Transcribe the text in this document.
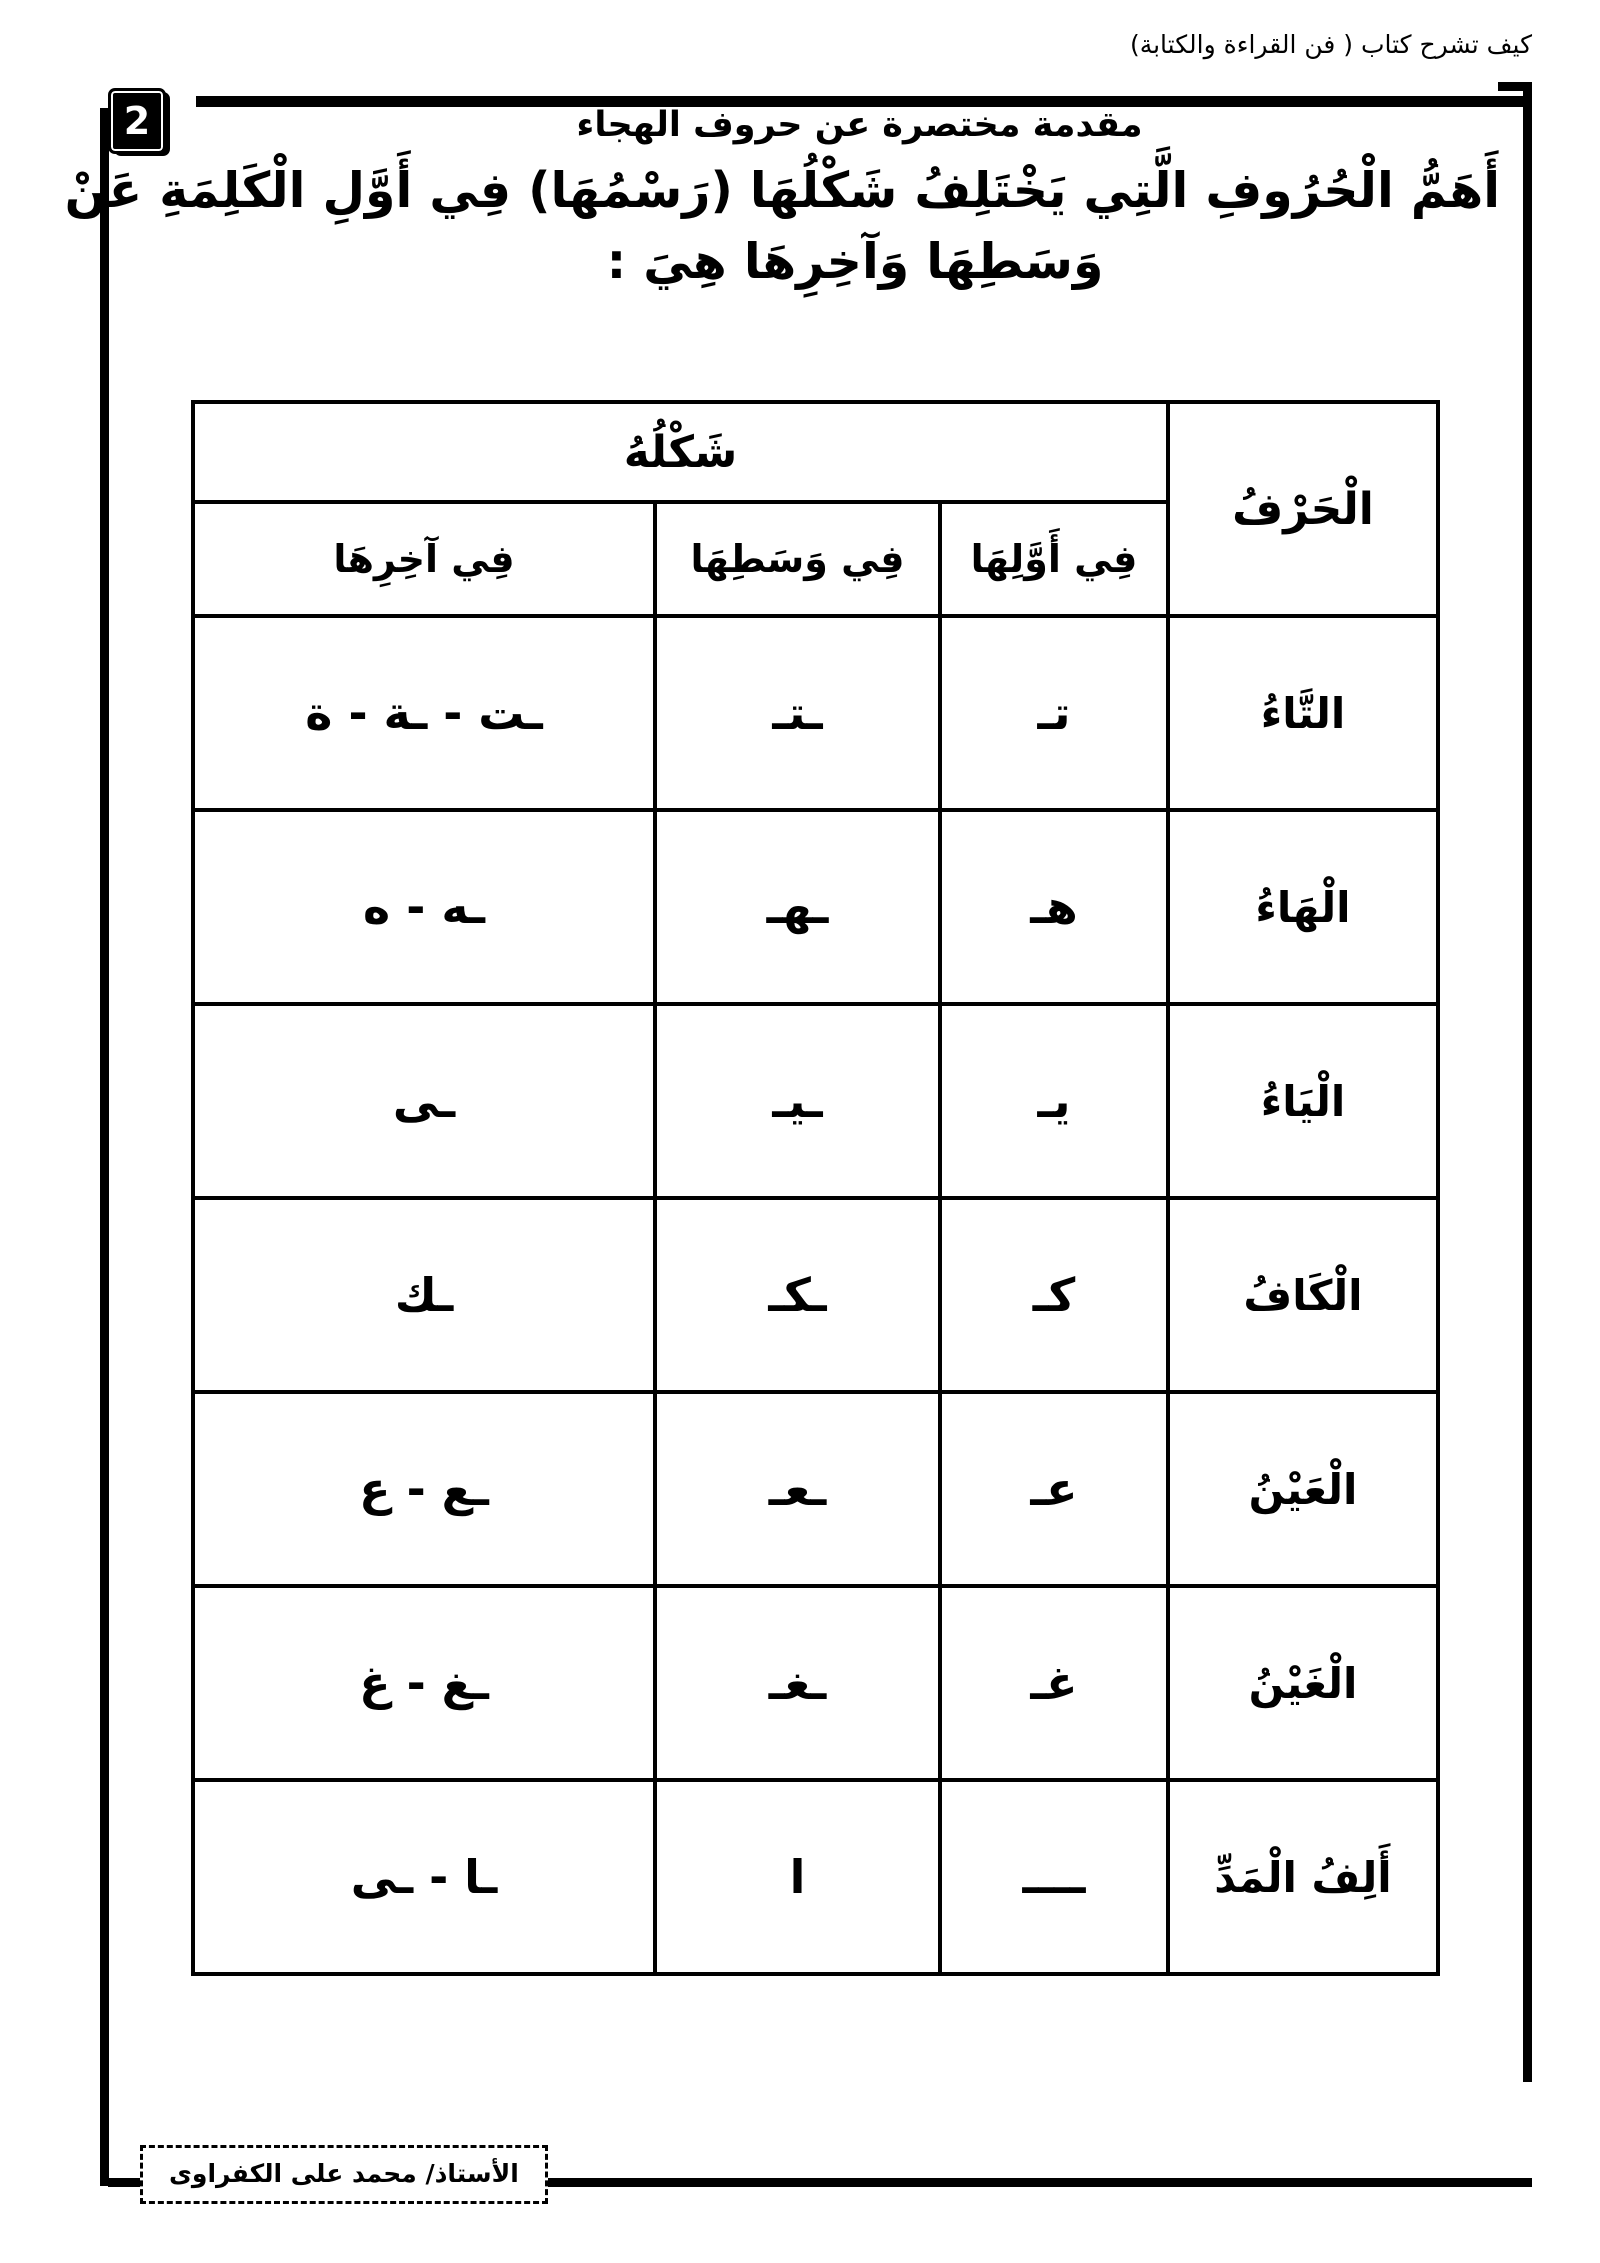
كيف تشرح كتاب ( فن القراءة والكتابة)
مقدمة مختصرة عن حروف الهجاء
2
أَهَمُّ الْحُرُوفِ الَّتِي يَخْتَلِفُ شَكْلُهَا (رَسْمُهَا) فِي أَوَّلِ الْكَلِمَةِ عَنْ
وَسَطِهَا وَآخِرِهَا هِيَ :
الْحَرْفُ	شَكْلُهُ		
	فِي أَوَّلِهَا	فِي وَسَطِهَا	فِي آخِرِهَا
التَّاءُ	تـ	ـتـ	ـت - ـة - ة
الْهَاءُ	هـ	ـهـ	ـه - ه
الْيَاءُ	يـ	ـيـ	ـى
الْكَافُ	كـ	ـكـ	ـك
الْعَيْنُ	عـ	ـعـ	ـع - ع
الْغَيْنُ	غـ	ـغـ	ـغ - غ
أَلِفُ الْمَدِّ	ــــ	ا	ـا - ـى
الأستاذ/ محمد على الكفراوى
